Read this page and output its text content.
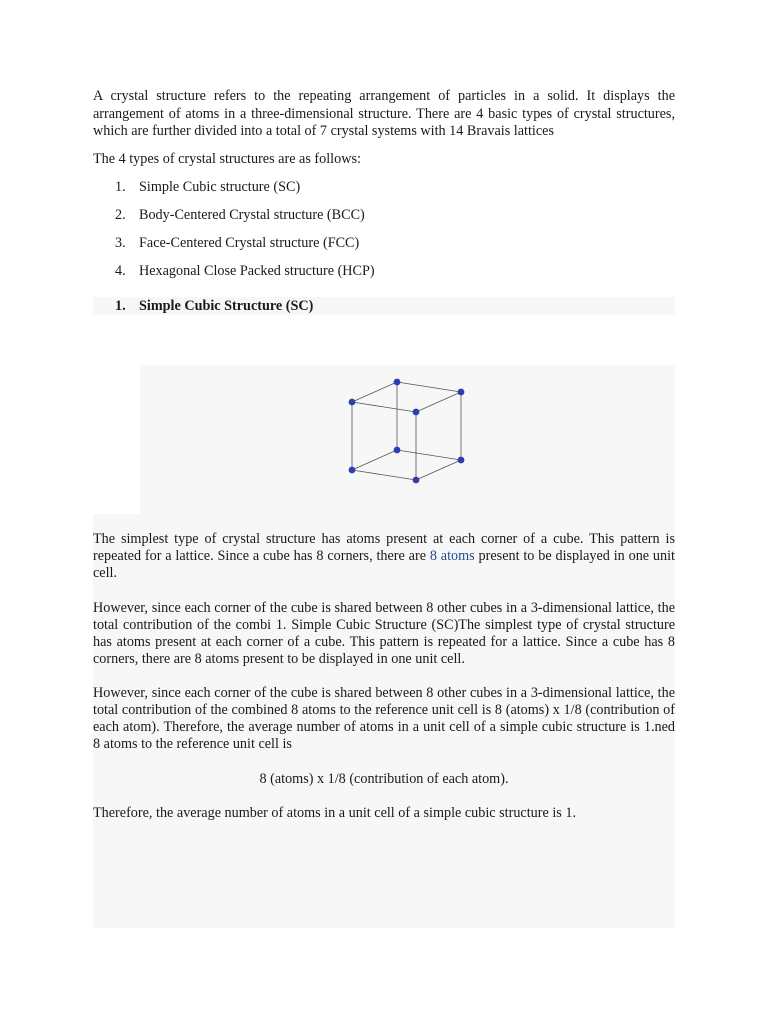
A crystal structure refers to the repeating arrangement of particles in a solid. It displays the arrangement of atoms in a three-dimensional structure. There are 4 basic types of crystal structures, which are further divided into a total of 7 crystal systems with 14 Bravais lattices

The 4 types of crystal structures are as follows:

1. Simple Cubic structure (SC)
2. Body-Centered Crystal structure (BCC)
3. Face-Centered Crystal structure (FCC)
4. Hexagonal Close Packed structure (HCP)
1. Simple Cubic Structure (SC)

The simplest type of crystal structure has atoms present at each corner of a cube. This pattern is repeated for a lattice. Since a cube has 8 corners, there are 8 atoms present to be displayed in one unit cell.

However, since each corner of the cube is shared between 8 other cubes in a 3-dimensional lattice, the total contribution of the combi 1. Simple Cubic Structure (SC)The simplest type of crystal structure has atoms present at each corner of a cube. This pattern is repeated for a lattice. Since a cube has 8 corners, there are 8 atoms present to be displayed in one unit cell.

However, since each corner of the cube is shared between 8 other cubes in a 3-dimensional lattice, the total contribution of the combined 8 atoms to the reference unit cell is 8 (atoms) x 1/8 (contribution of each atom). Therefore, the average number of atoms in a unit cell of a simple cubic structure is 1.ned 8 atoms to the reference unit cell is

8 (atoms) x 1/8 (contribution of each atom).

Therefore, the average number of atoms in a unit cell of a simple cubic structure is 1.
